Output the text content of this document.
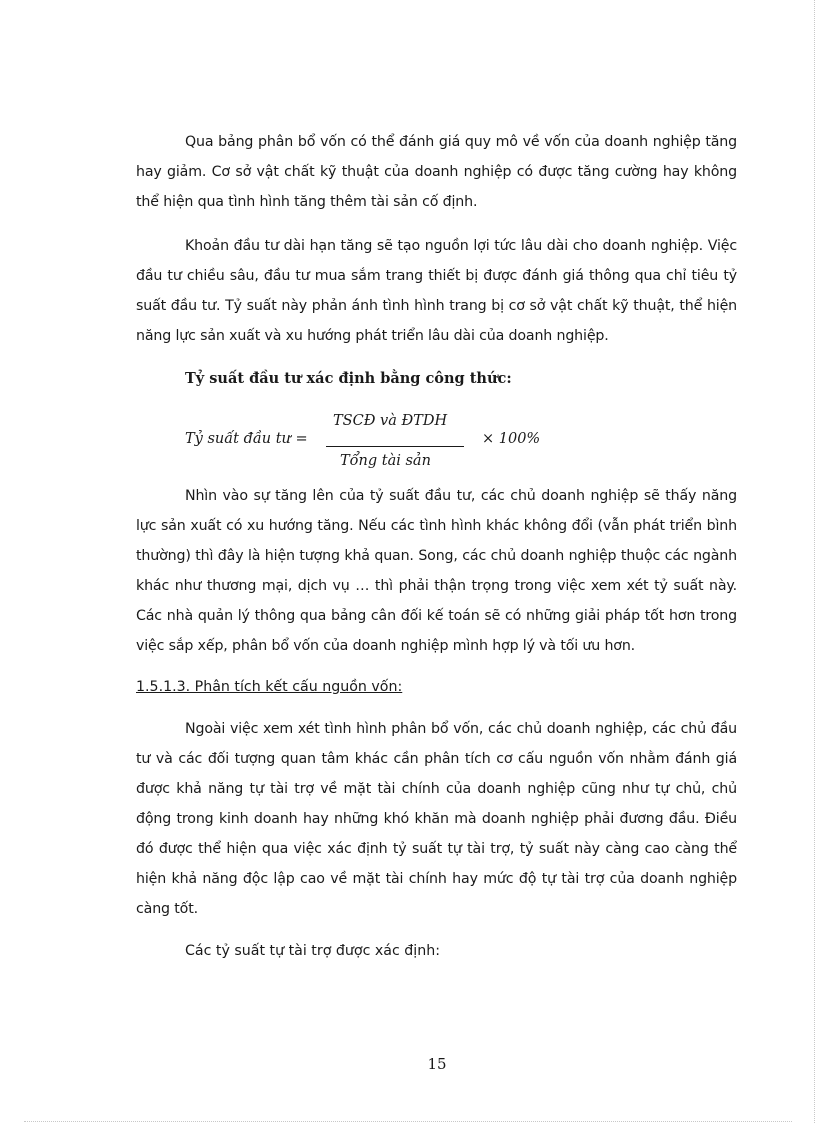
Qua bảng phân bổ vốn có thể đánh giá quy mô về vốn của doanh nghiệp tăng hay giảm. Cơ sở vật chất kỹ thuật của doanh nghiệp có được tăng cường hay không thể hiện qua tình hình tăng thêm tài sản cố định.

Khoản đầu tư dài hạn tăng sẽ tạo nguồn lợi tức lâu dài cho doanh nghiệp. Việc đầu tư chiều sâu, đầu tư mua sắm trang thiết bị được đánh giá thông qua chỉ tiêu tỷ suất đầu tư. Tỷ suất này phản ánh tình hình trang bị cơ sở vật chất kỹ thuật, thể hiện năng lực sản xuất và xu hướng phát triển lâu dài của doanh nghiệp.

Tỷ suất đầu tư xác định bằng công thức:

Tỷ suất đầu tư =
TSCĐ và ĐTDH
Tổng tài sản
× 100%

Nhìn vào sự tăng lên của tỷ suất đầu tư, các chủ doanh nghiệp sẽ thấy năng lực sản xuất có xu hướng tăng. Nếu các tình hình khác không đổi (vẫn phát triển bình thường) thì đây là hiện tượng khả quan. Song, các chủ doanh nghiệp thuộc các ngành khác như thương mại, dịch vụ … thì phải thận trọng trong việc xem xét tỷ suất này. Các nhà quản lý thông qua bảng cân đối kế toán sẽ có những giải pháp tốt hơn trong việc sắp xếp, phân bổ vốn của doanh nghiệp mình hợp lý và tối ưu hơn.

1.5.1.3. Phân tích kết cấu nguồn vốn:

Ngoài việc xem xét tình hình phân bổ vốn, các chủ doanh nghiệp, các chủ đầu tư và các đối tượng quan tâm khác cần phân tích cơ cấu nguồn vốn nhằm đánh giá được khả năng tự tài trợ về mặt tài chính của doanh nghiệp cũng như tự chủ, chủ động trong kinh doanh hay những khó khăn mà doanh nghiệp phải đương đầu. Điều đó được thể hiện qua việc xác định tỷ suất tự tài trợ, tỷ suất này càng cao càng thể hiện khả năng độc lập cao về mặt tài chính hay mức độ tự tài trợ của doanh nghiệp càng tốt.

Các tỷ suất tự tài trợ được xác định:

15
